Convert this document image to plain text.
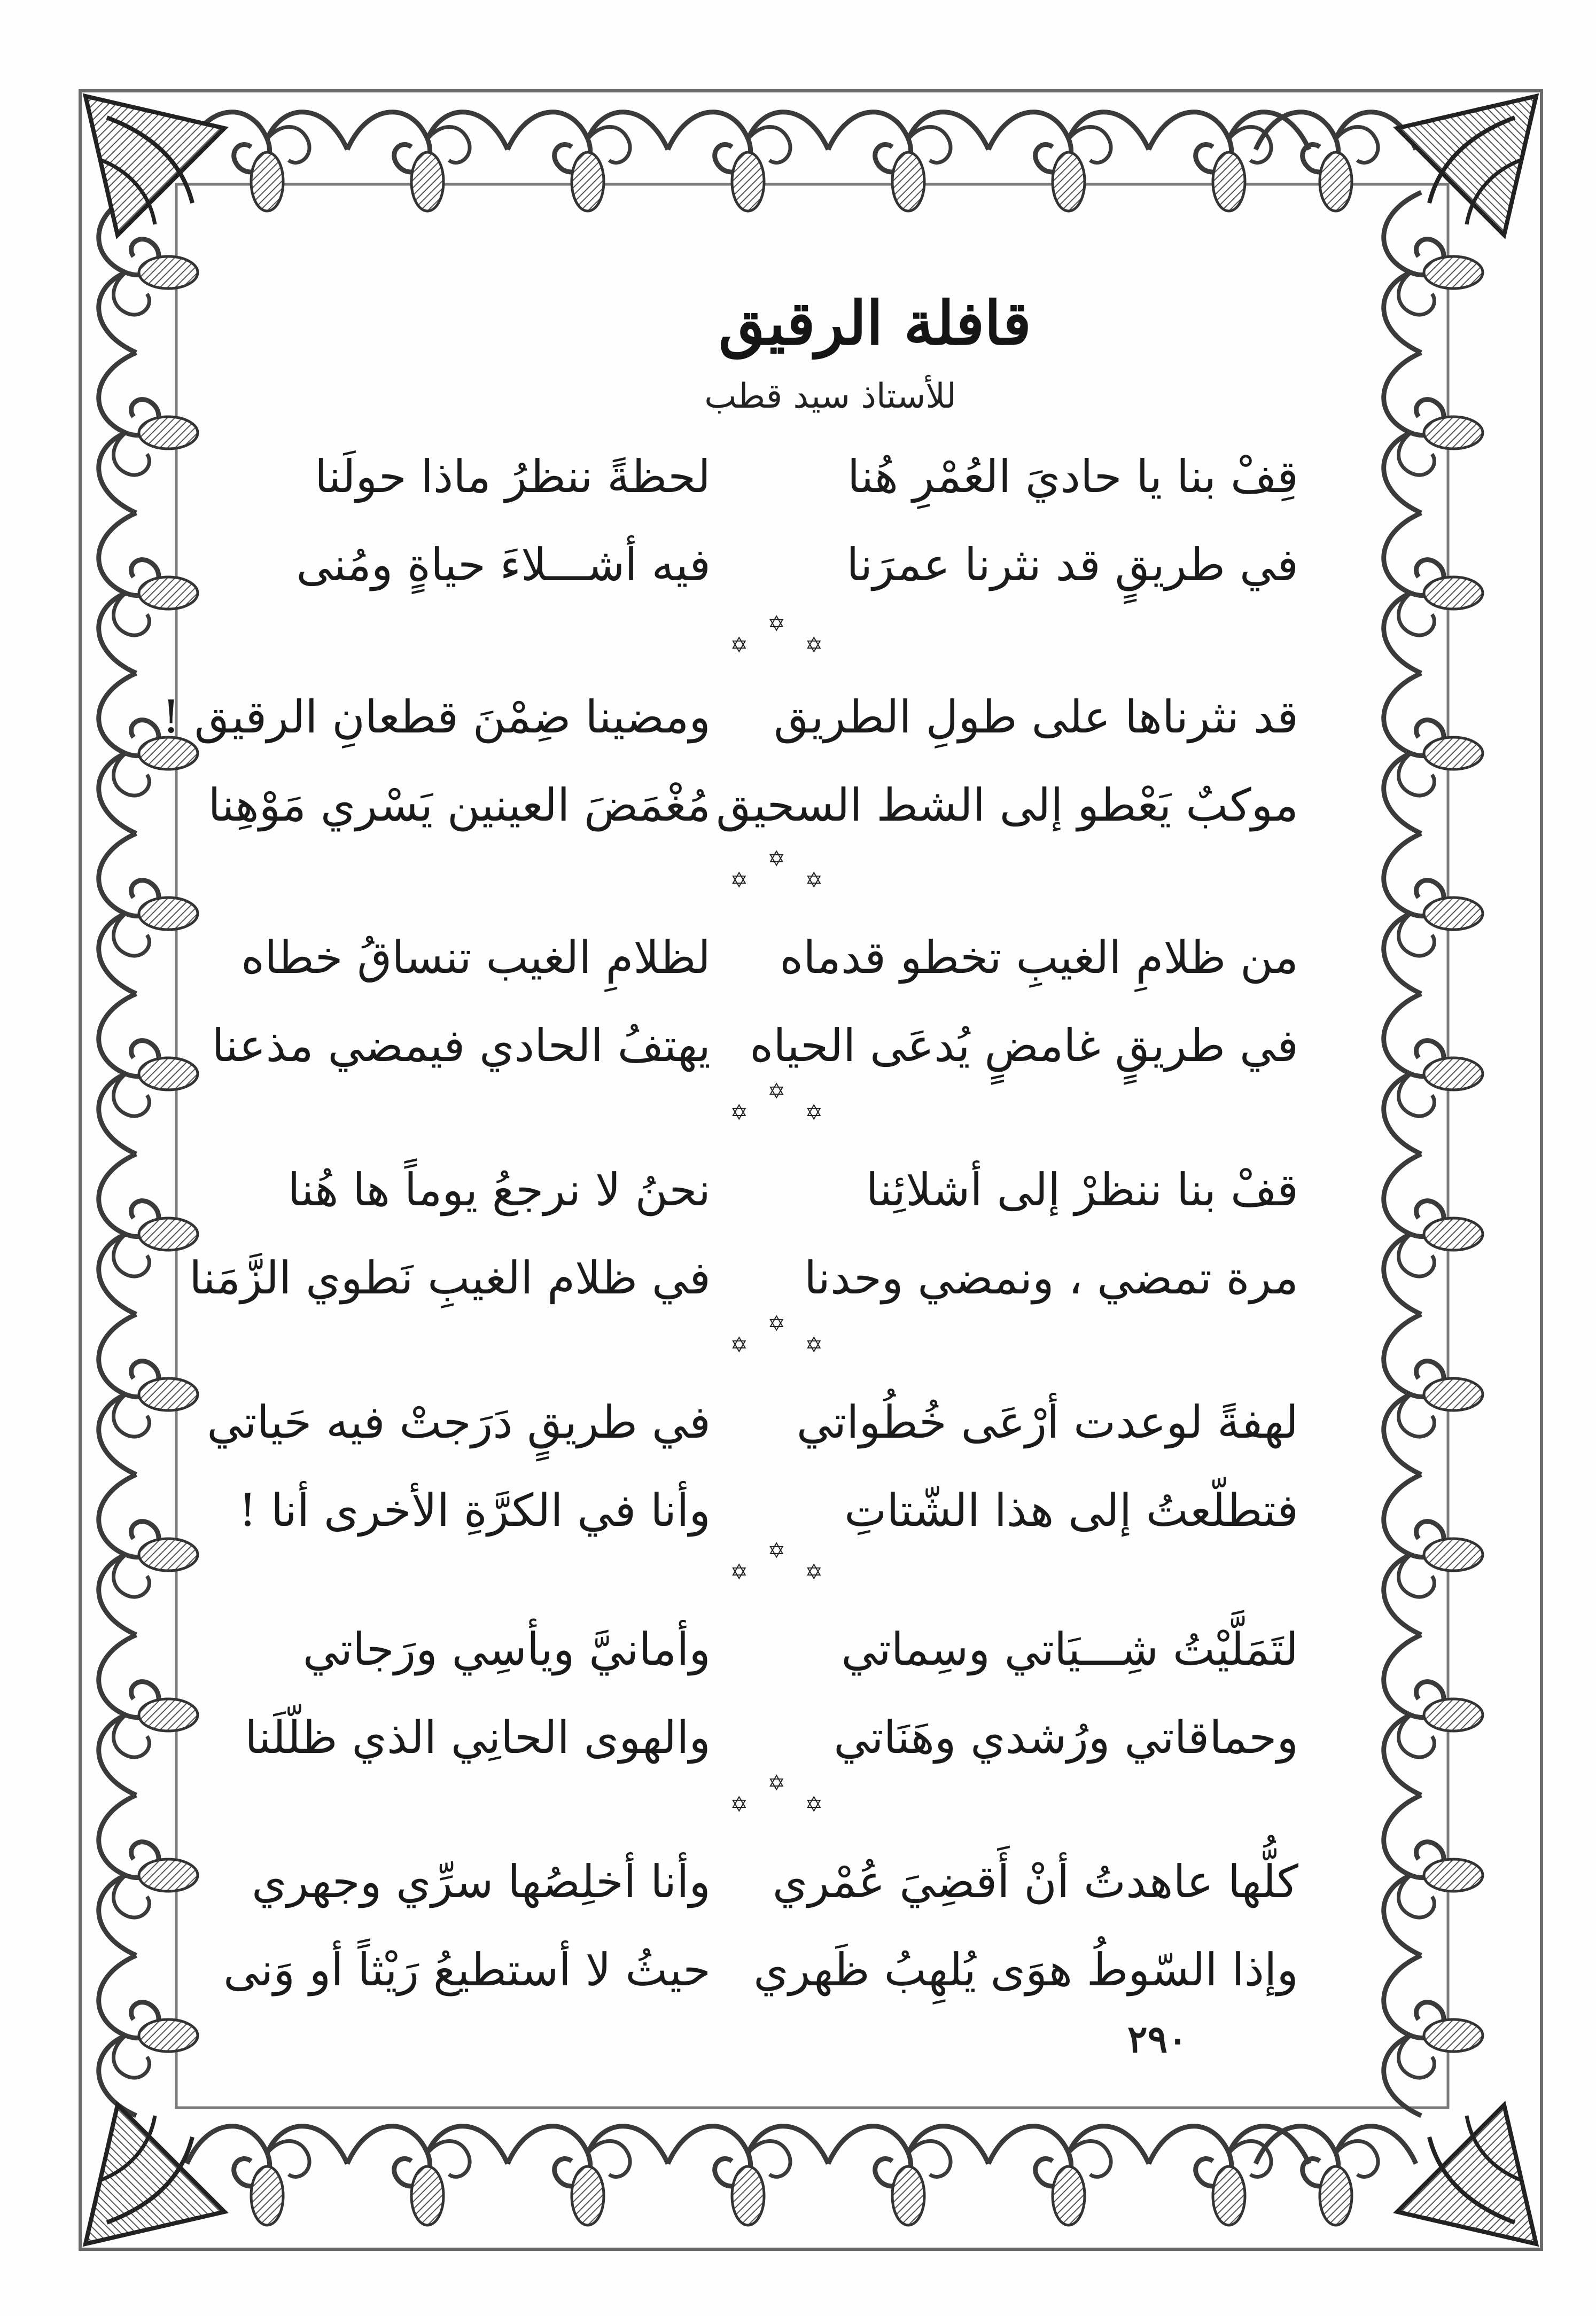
قافلة الرقيق
للأستاذ سيد قطب
قِفْ بنا يا حاديَ العُمْرِ هُنا
لحظةً ننظرُ ماذا حولَنا
في طريقٍ قد نثرنا عمرَنا
فيه أشـــلاءَ حياةٍ ومُنى
✡
✡	✡
قد نثرناها على طولِ الطريق
ومضينا ضِمْنَ قطعانِ الرقيق !
موكبٌ يَعْطو إلى الشط السحيق
مُغْمَضَ العينين يَسْري مَوْهِنا
✡
✡	✡
من ظلامِ الغيبِ تخطو قدماه
لظلامِ الغيب تنساقُ خطاه
في طريقٍ غامضٍ يُدعَى الحياه
يهتفُ الحادي فيمضي مذعنا
✡
✡	✡
قفْ بنا ننظرْ إلى أشلائِنا
نحنُ لا نرجعُ يوماً ها هُنا
مرة تمضي ، ونمضي وحدنا
في ظلام الغيبِ نَطوي الزَّمَنا
✡
✡	✡
لهفةً لوعدت أرْعَى خُطُواتي
في طريقٍ دَرَجتْ فيه حَياتي
فتطلّعتُ إلى هذا الشّتاتِ
وأنا في الكرَّةِ الأخرى أنا !
✡
✡	✡
لتَمَلَّيْتُ شِـــيَاتي وسِماتي
وأمانيَّ ويأسِي ورَجاتي
وحماقاتي ورُشدي وهَنَاتي
والهوى الحانِي الذي ظلّلَنا
✡
✡	✡
كلُّها عاهدتُ أنْ أَقضِيَ عُمْري
وأنا أخلِصُها سرِّي وجهري
وإذا السّوطُ هوَى يُلهِبُ ظَهري
حيثُ لا أستطيعُ رَيْثاً أو وَنى
٢٩٠
